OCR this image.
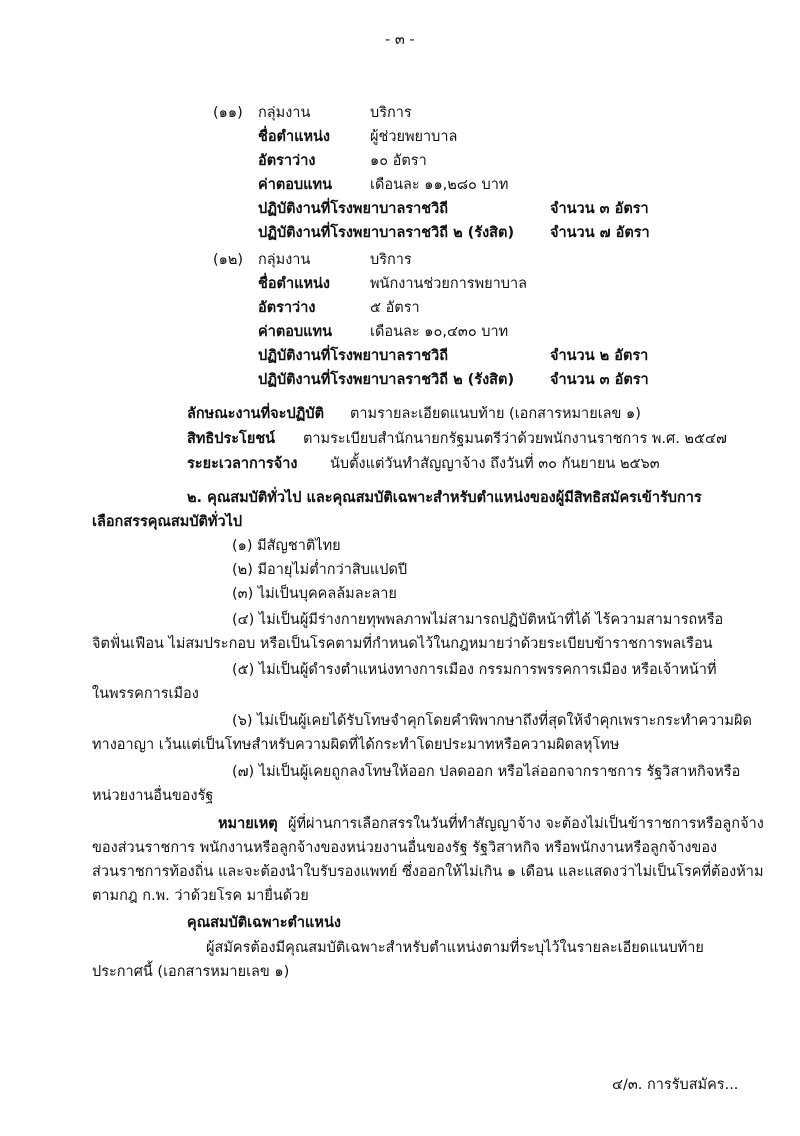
- ๓ -
(๑๑) กลุ่มงาน	บริการ
ชื่อตำแหน่ง	ผู้ช่วยพยาบาล
อัตราว่าง	๑๐ อัตรา
ค่าตอบแทน	เดือนละ ๑๑,๒๘๐ บาท
ปฏิบัติงานที่โรงพยาบาลราชวิถี	จำนวน ๓ อัตรา
ปฏิบัติงานที่โรงพยาบาลราชวิถี ๒ (รังสิต) จำนวน ๗ อัตรา
(๑๒) กลุ่มงาน	บริการ
ชื่อตำแหน่ง	พนักงานช่วยการพยาบาล
อัตราว่าง	๕ อัตรา
ค่าตอบแทน	เดือนละ ๑๐,๔๓๐ บาท
ปฏิบัติงานที่โรงพยาบาลราชวิถี	จำนวน ๒ อัตรา
ปฏิบัติงานที่โรงพยาบาลราชวิถี ๒ (รังสิต) จำนวน ๓ อัตรา
ลักษณะงานที่จะปฏิบัติ ตามรายละเอียดแนบท้าย (เอกสารหมายเลข ๑)
สิทธิประโยชน์ ตามระเบียบสำนักนายกรัฐมนตรีว่าด้วยพนักงานราชการ พ.ศ. ๒๕๔๗
ระยะเวลาการจ้าง นับตั้งแต่วันทำสัญญาจ้าง ถึงวันที่ ๓๐ กันยายน ๒๕๖๓
๒. คุณสมบัติทั่วไป และคุณสมบัติเฉพาะสำหรับตำแหน่งของผู้มีสิทธิสมัครเข้ารับการ
เลือกสรรคุณสมบัติทั่วไป
(๑) มีสัญชาติไทย
(๒) มีอายุไม่ต่ำกว่าสิบแปดปี
(๓) ไม่เป็นบุคคลล้มละลาย
(๔) ไม่เป็นผู้มีร่างกายทุพพลภาพไม่สามารถปฏิบัติหน้าที่ได้ ไร้ความสามารถหรือ
จิตฟั่นเฟือน ไม่สมประกอบ หรือเป็นโรคตามที่กำหนดไว้ในกฎหมายว่าด้วยระเบียบข้าราชการพลเรือน
(๕) ไม่เป็นผู้ดำรงตำแหน่งทางการเมือง กรรมการพรรคการเมือง หรือเจ้าหน้าที่
ในพรรคการเมือง
(๖) ไม่เป็นผู้เคยได้รับโทษจำคุกโดยคำพิพากษาถึงที่สุดให้จำคุกเพราะกระทำความผิด
ทางอาญา เว้นแต่เป็นโทษสำหรับความผิดที่ได้กระทำโดยประมาทหรือความผิดลหุโทษ
(๗) ไม่เป็นผู้เคยถูกลงโทษให้ออก ปลดออก หรือไล่ออกจากราชการ รัฐวิสาหกิจหรือ
หน่วยงานอื่นของรัฐ
หมายเหตุ ผู้ที่ผ่านการเลือกสรรในวันที่ทำสัญญาจ้าง จะต้องไม่เป็นข้าราชการหรือลูกจ้าง
ของส่วนราชการ พนักงานหรือลูกจ้างของหน่วยงานอื่นของรัฐ รัฐวิสาหกิจ หรือพนักงานหรือลูกจ้างของ
ส่วนราชการท้องถิ่น และจะต้องนำใบรับรองแพทย์ ซึ่งออกให้ไม่เกิน ๑ เดือน และแสดงว่าไม่เป็นโรคที่ต้องห้าม
ตามกฎ ก.พ. ว่าด้วยโรค มายื่นด้วย
คุณสมบัติเฉพาะตำแหน่ง
ผู้สมัครต้องมีคุณสมบัติเฉพาะสำหรับตำแหน่งตามที่ระบุไว้ในรายละเอียดแนบท้าย
ประกาศนี้ (เอกสารหมายเลข ๑)
๔/๓. การรับสมัคร...
